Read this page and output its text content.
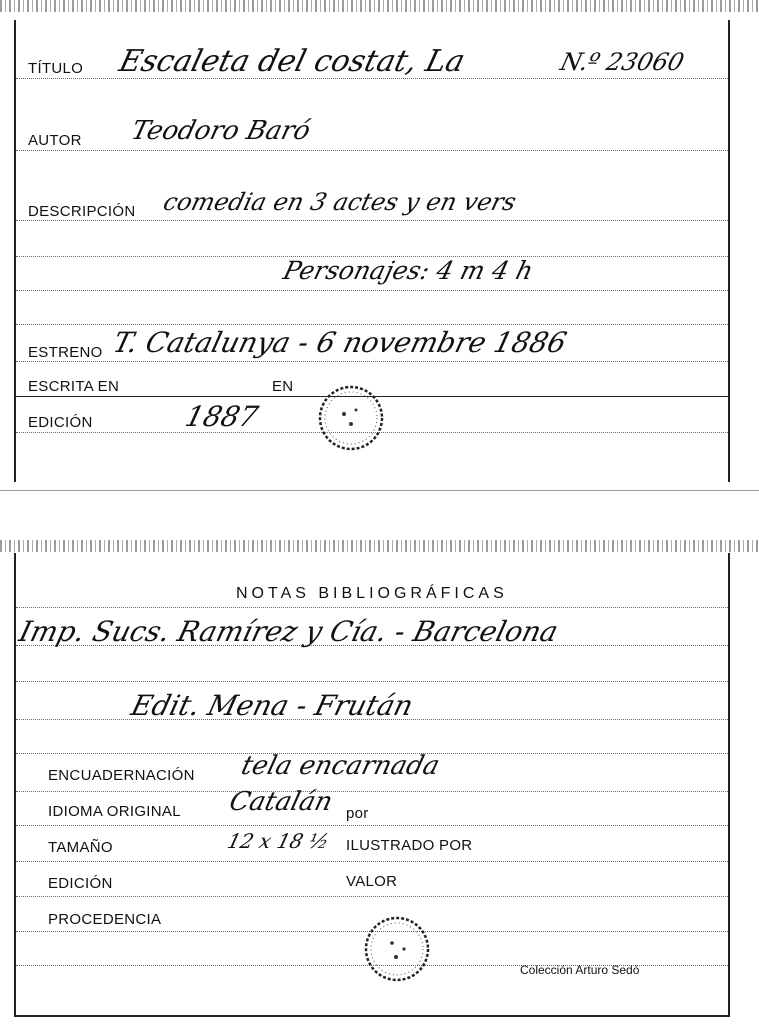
TÍTULO Escaleta del costat, La	N.º 23060
AUTOR Teodoro Baró
DESCRIPCIÓN comedia en 3 actes y en vers
Personajes: 4 m 4 h
ESTRENO T. Catalunya - 6 novembre 1886
ESCRITA EN	EN
EDICIÓN	1887
NOTAS BIBLIOGRÁFICAS
Imp. Sucs. Ramírez y Cía. - Barcelona
Edit. Mena - Frután
ENCUADERNACIÓN tela encarnada
IDIOMA ORIGINAL Catalán por
TAMAÑO	12 x 18 ½ ILUSTRADO POR
EDICIÓN	VALOR
PROCEDENCIA
Colección Arturo Sedó
